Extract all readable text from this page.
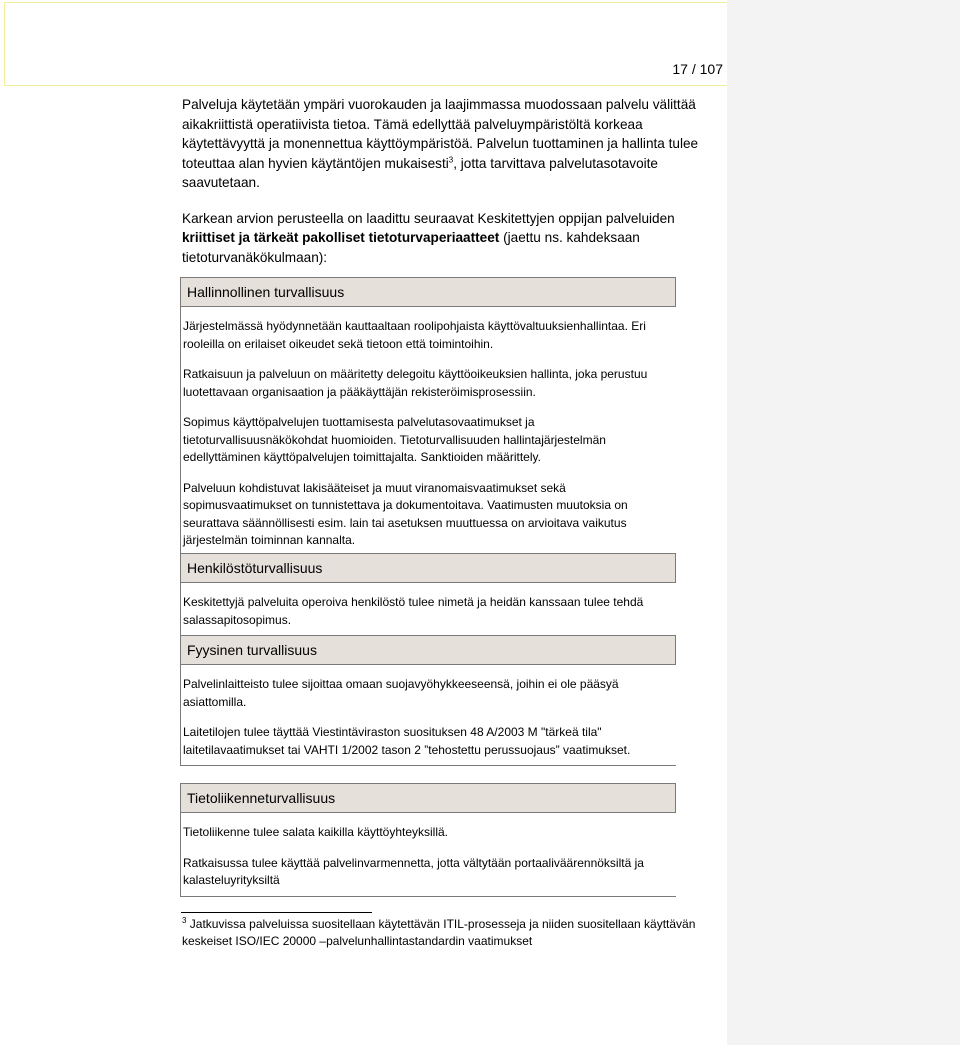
17 / 107

Palveluja käytetään ympäri vuorokauden ja laajimmassa muodossaan palvelu välittää aikakriittistä operatiivista tietoa. Tämä edellyttää palveluympäristöltä korkeaa käytettävyyttä ja monennettua käyttöympäristöä. Palvelun tuottaminen ja hallinta tulee toteuttaa alan hyvien käytäntöjen mukaisesti$^3$, jotta tarvittava palvelutasotavoite saavutetaan.

Karkean arvion perusteella on laadittu seuraavat Keskitettyjen oppijan palveluiden kriittiset ja tärkeät pakolliset tietoturvaperiaatteet (jaettu ns. kahdeksaan tietoturvanäkökulmaan):

Hallinnollinen turvallisuus

Järjestelmässä hyödynnetään kauttaaltaan roolipohjaista käyttövaltuuksienhallintaa. Eri rooleilla on erilaiset oikeudet sekä tietoon että toimintoihin.

Ratkaisuun ja palveluun on määritetty delegoitu käyttöoikeuksien hallinta, joka perustuu luotettavaan organisaation ja pääkäyttäjän rekisteröimisprosessiin.

Sopimus käyttöpalvelujen tuottamisesta palvelutasovaatimukset ja tietoturvallisuusnäkökohdat huomioiden. Tietoturvallisuuden hallintajärjestelmän edellyttäminen käyttöpalvelujen toimittajalta. Sanktioiden määrittely.

Palveluun kohdistuvat lakisääteiset ja muut viranomaisvaatimukset sekä sopimusvaatimukset on tunnistettava ja dokumentoitava. Vaatimusten muutoksia on seurattava säännöllisesti esim. lain tai asetuksen muuttuessa on arvioitava vaikutus järjestelmän toiminnan kannalta.

Henkilöstöturvallisuus

Keskitettyjä palveluita operoiva henkilöstö tulee nimetä ja heidän kanssaan tulee tehdä salassapitosopimus.

Fyysinen turvallisuus

Palvelinlaitteisto tulee sijoittaa omaan suojavyöhykkeeseensä, joihin ei ole pääsyä asiattomilla.

Laitetilojen tulee täyttää Viestintäviraston suosituksen 48 A/2003 M "tärkeä tila" laitetilavaatimukset tai VAHTI 1/2002 tason 2 ”tehostettu perussuojaus” vaatimukset.

Tietoliikenneturvallisuus

Tietoliikenne tulee salata kaikilla käyttöyhteyksillä.

Ratkaisussa tulee käyttää palvelinvarmennetta, jotta vältytään portaaliväärennöksiltä ja kalasteluyrityksiltä

$^3$ Jatkuvissa palveluissa suositellaan käytettävän ITIL-prosesseja ja niiden suositellaan käyttävän keskeiset ISO/IEC 20000 –palvelunhallintastandardin vaatimukset
